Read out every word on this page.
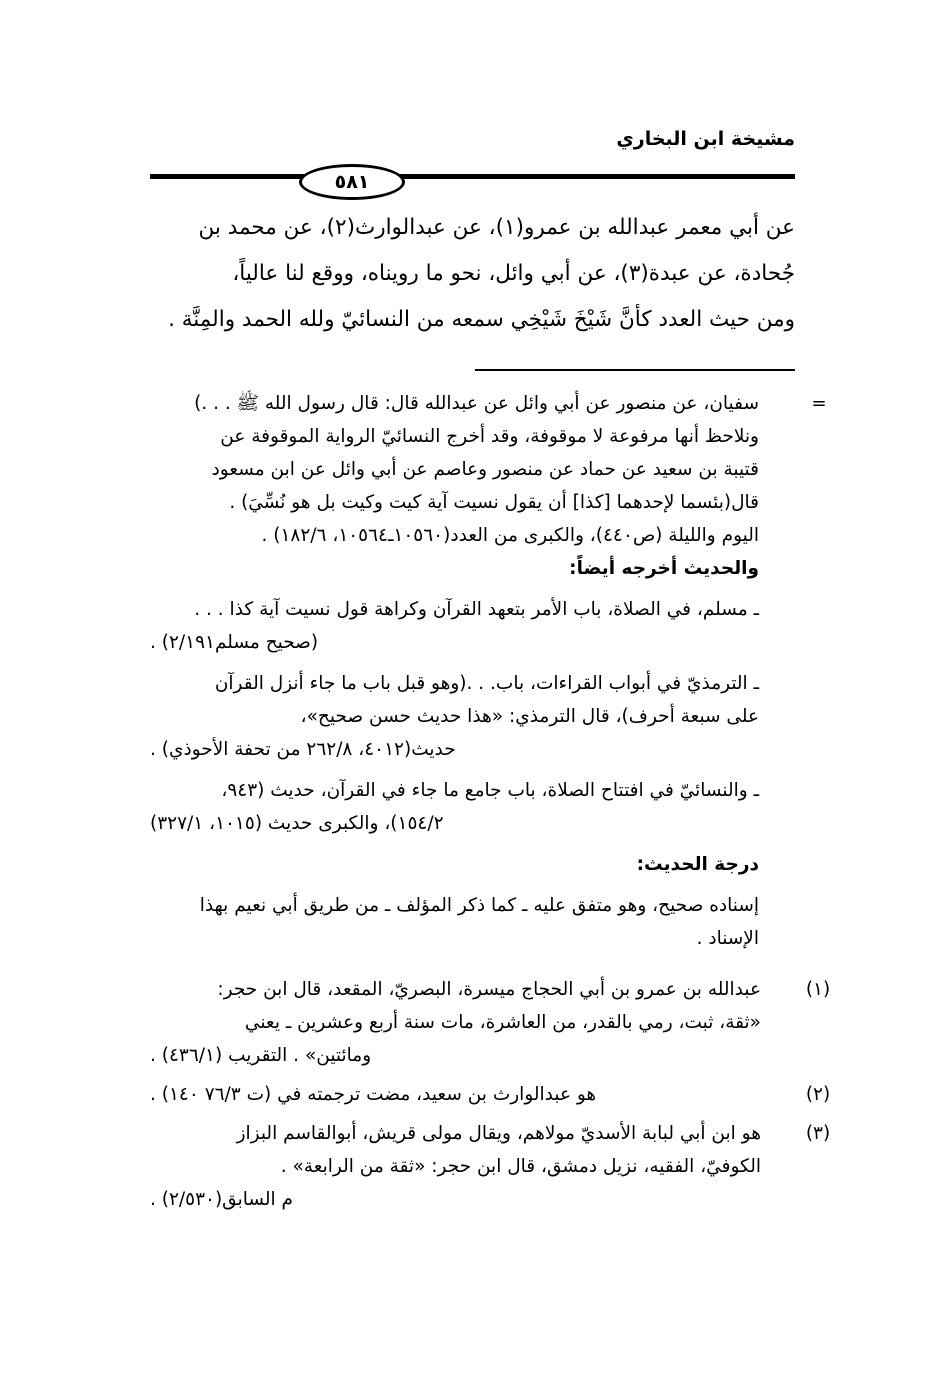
مشيخة ابن البخاري
٥٨١

عن أبي معمر عبدالله بن عمرو(١)، عن عبدالوارث(٢)، عن محمد بن

جُحادة، عن عبدة(٣)، عن أبي وائل، نحو ما رويناه، ووقع لنا عالياً،

ومن حيث العدد كأنَّ شَيْخَ شَيْخِي سمعه من النسائيّ ولله الحمد والمِنَّة .

=

سفيان، عن منصور عن أبي وائل عن عبدالله قال: قال رسول الله ﷺ . . .)

ونلاحظ أنها مرفوعة لا موقوفة، وقد أخرج النسائيّ الرواية الموقوفة عن

قتيبة بن سعيد عن حماد عن منصور وعاصم عن أبي وائل عن ابن مسعود

قال(بئسما لإحدهما [كذا] أن يقول نسيت آية كيت وكيت بل هو نُسِّيَ) .

اليوم والليلة (ص٤٤٠)، والكبرى من العدد(١٠٥٦٠ـ١٠٥٦٤، ١٨٢/٦) .

والحديث أخرجه أيضاً:

ـ مسلم، في الصلاة، باب الأمر بتعهد القرآن وكراهة قول نسيت آية كذا . . .

(صحيح مسلم٢/١٩١) .

ـ الترمذيّ في أبواب القراءات، باب. . .(وهو قبل باب ما جاء أنزل القرآن

على سبعة أحرف)، قال الترمذي: «هذا حديث حسن صحيح»،

حديث(٤٠١٢، ٢٦٢/٨ من تحفة الأحوذي) .

ـ والنسائيّ في افتتاح الصلاة، باب جامع ما جاء في القرآن، حديث (٩٤٣،

١٥٤/٢)، والكبرى حديث (١٠١٥، ٣٢٧/١)

درجة الحديث:

إسناده صحيح، وهو متفق عليه ـ كما ذكر المؤلف ـ من طريق أبي نعيم بهذا

الإسناد .

(١)

عبدالله بن عمرو بن أبي الحجاج ميسرة، البصريّ، المقعد، قال ابن حجر:

«ثقة، ثبت، رمي بالقدر، من العاشرة، مات سنة أربع وعشرين ـ يعني

ومائتين» . التقريب (٤٣٦/١) .

(٢)

هو عبدالوارث بن سعيد، مضت ترجمته في (ت ٧٦/٣ ١٤٠) .

(٣)

هو ابن أبي لبابة الأسديّ مولاهم، ويقال مولى قريش، أبوالقاسم البزاز

الكوفيّ، الفقيه، نزيل دمشق، قال ابن حجر: «ثقة من الرابعة» .

م السابق(٢/٥٣٠) .
